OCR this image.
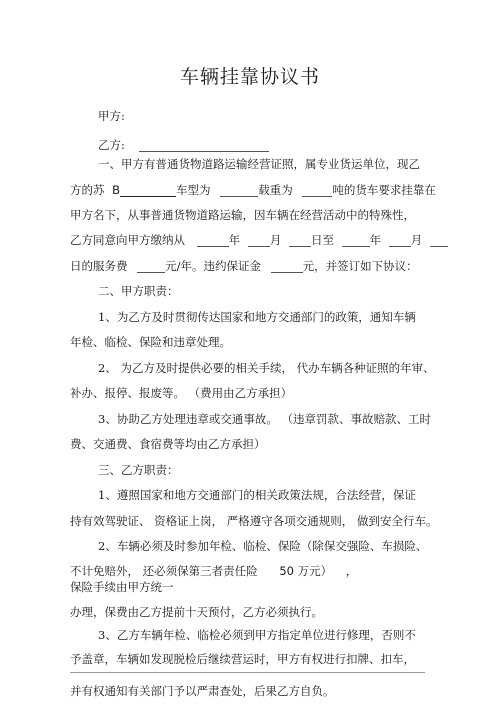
车辆挂靠协议书
甲方:
乙方:
一、甲方有普通货物道路运输经营证照，属专业货运单位，现乙
方的苏 B	车型为	载重为	吨的货车要求挂靠在
甲方名下，从事普通货物道路运输，因车辆在经营活动中的特殊性，
乙方同意向甲方缴纳从	年	月	日至	年	月
日的服务费	元/年。违约保证金	元，并签订如下协议：
二、甲方职责：
1、为乙方及时贯彻传达国家和地方交通部门的政策，通知车辆
年检、临检、保险和违章处理。
2、 为乙方及时提供必要的相关手续， 代办车辆各种证照的年审、
补办、报停、报废等。 （费用由乙方承担）
3、协助乙方处理违章或交通事故。 （违章罚款、事故赔款、工时
费、交通费、食宿费等均由乙方承担）
三、乙方职责：
1、遵照国家和地方交通部门的相关政策法规，合法经营，保证
持有效驾驶证、 资格证上岗， 严格遵守各项交通规则， 做到安全行车。
2、车辆必须及时参加年检、临检、保险（除保交强险、车损险、
不计免赔外， 还必须保第三者责任险 50 万元） ，
保险手续由甲方统一
办理，保费由乙方提前十天预付，乙方必须执行。
3、乙方车辆年检、临检必须到甲方指定单位进行修理，否则不
予盖章，车辆如发现脱检后继续营运时，甲方有权进行扣牌、扣车，
并有权通知有关部门予以严肃查处，后果乙方自负。
